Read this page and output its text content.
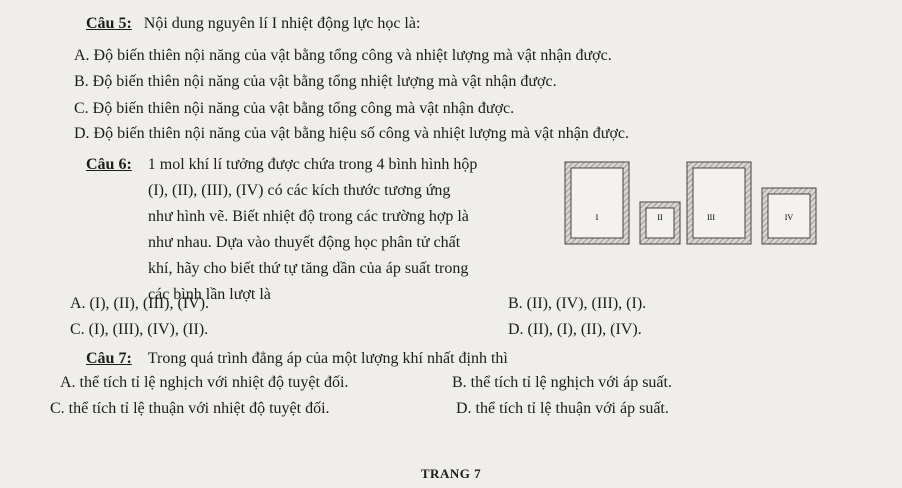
Câu 5: Nội dung nguyên lí I nhiệt động lực học là:
A. Độ biến thiên nội năng của vật bằng tổng công và nhiệt lượng mà vật nhận được.
B. Độ biến thiên nội năng của vật bằng tổng nhiệt lượng mà vật nhận được.
C. Độ biến thiên nội năng của vật bằng tổng công mà vật nhận được.
D. Độ biến thiên nội năng của vật bằng hiệu số công và nhiệt lượng mà vật nhận được.
Câu 6: 1 mol khí lí tưởng được chứa trong 4 bình hình hộp
(I), (II), (III), (IV) có các kích thước tương ứng
như hình vẽ. Biết nhiệt độ trong các trường hợp là
như nhau. Dựa vào thuyết động học phân tử chất
khí, hãy cho biết thứ tự tăng dần của áp suất trong
các bình lần lượt là
I	II	III	IV
A. (I), (II), (III), (IV).	B. (II), (IV), (III), (I).
C. (I), (III), (IV), (II).	D. (II), (I), (II), (IV).
Câu 7: Trong quá trình đẳng áp của một lượng khí nhất định thì
A. thể tích tỉ lệ nghịch với nhiệt độ tuyệt đối.	B. thể tích tỉ lệ nghịch với áp suất.
C. thể tích tỉ lệ thuận với nhiệt độ tuyệt đối.	D. thể tích tỉ lệ thuận với áp suất.
TRANG 7
